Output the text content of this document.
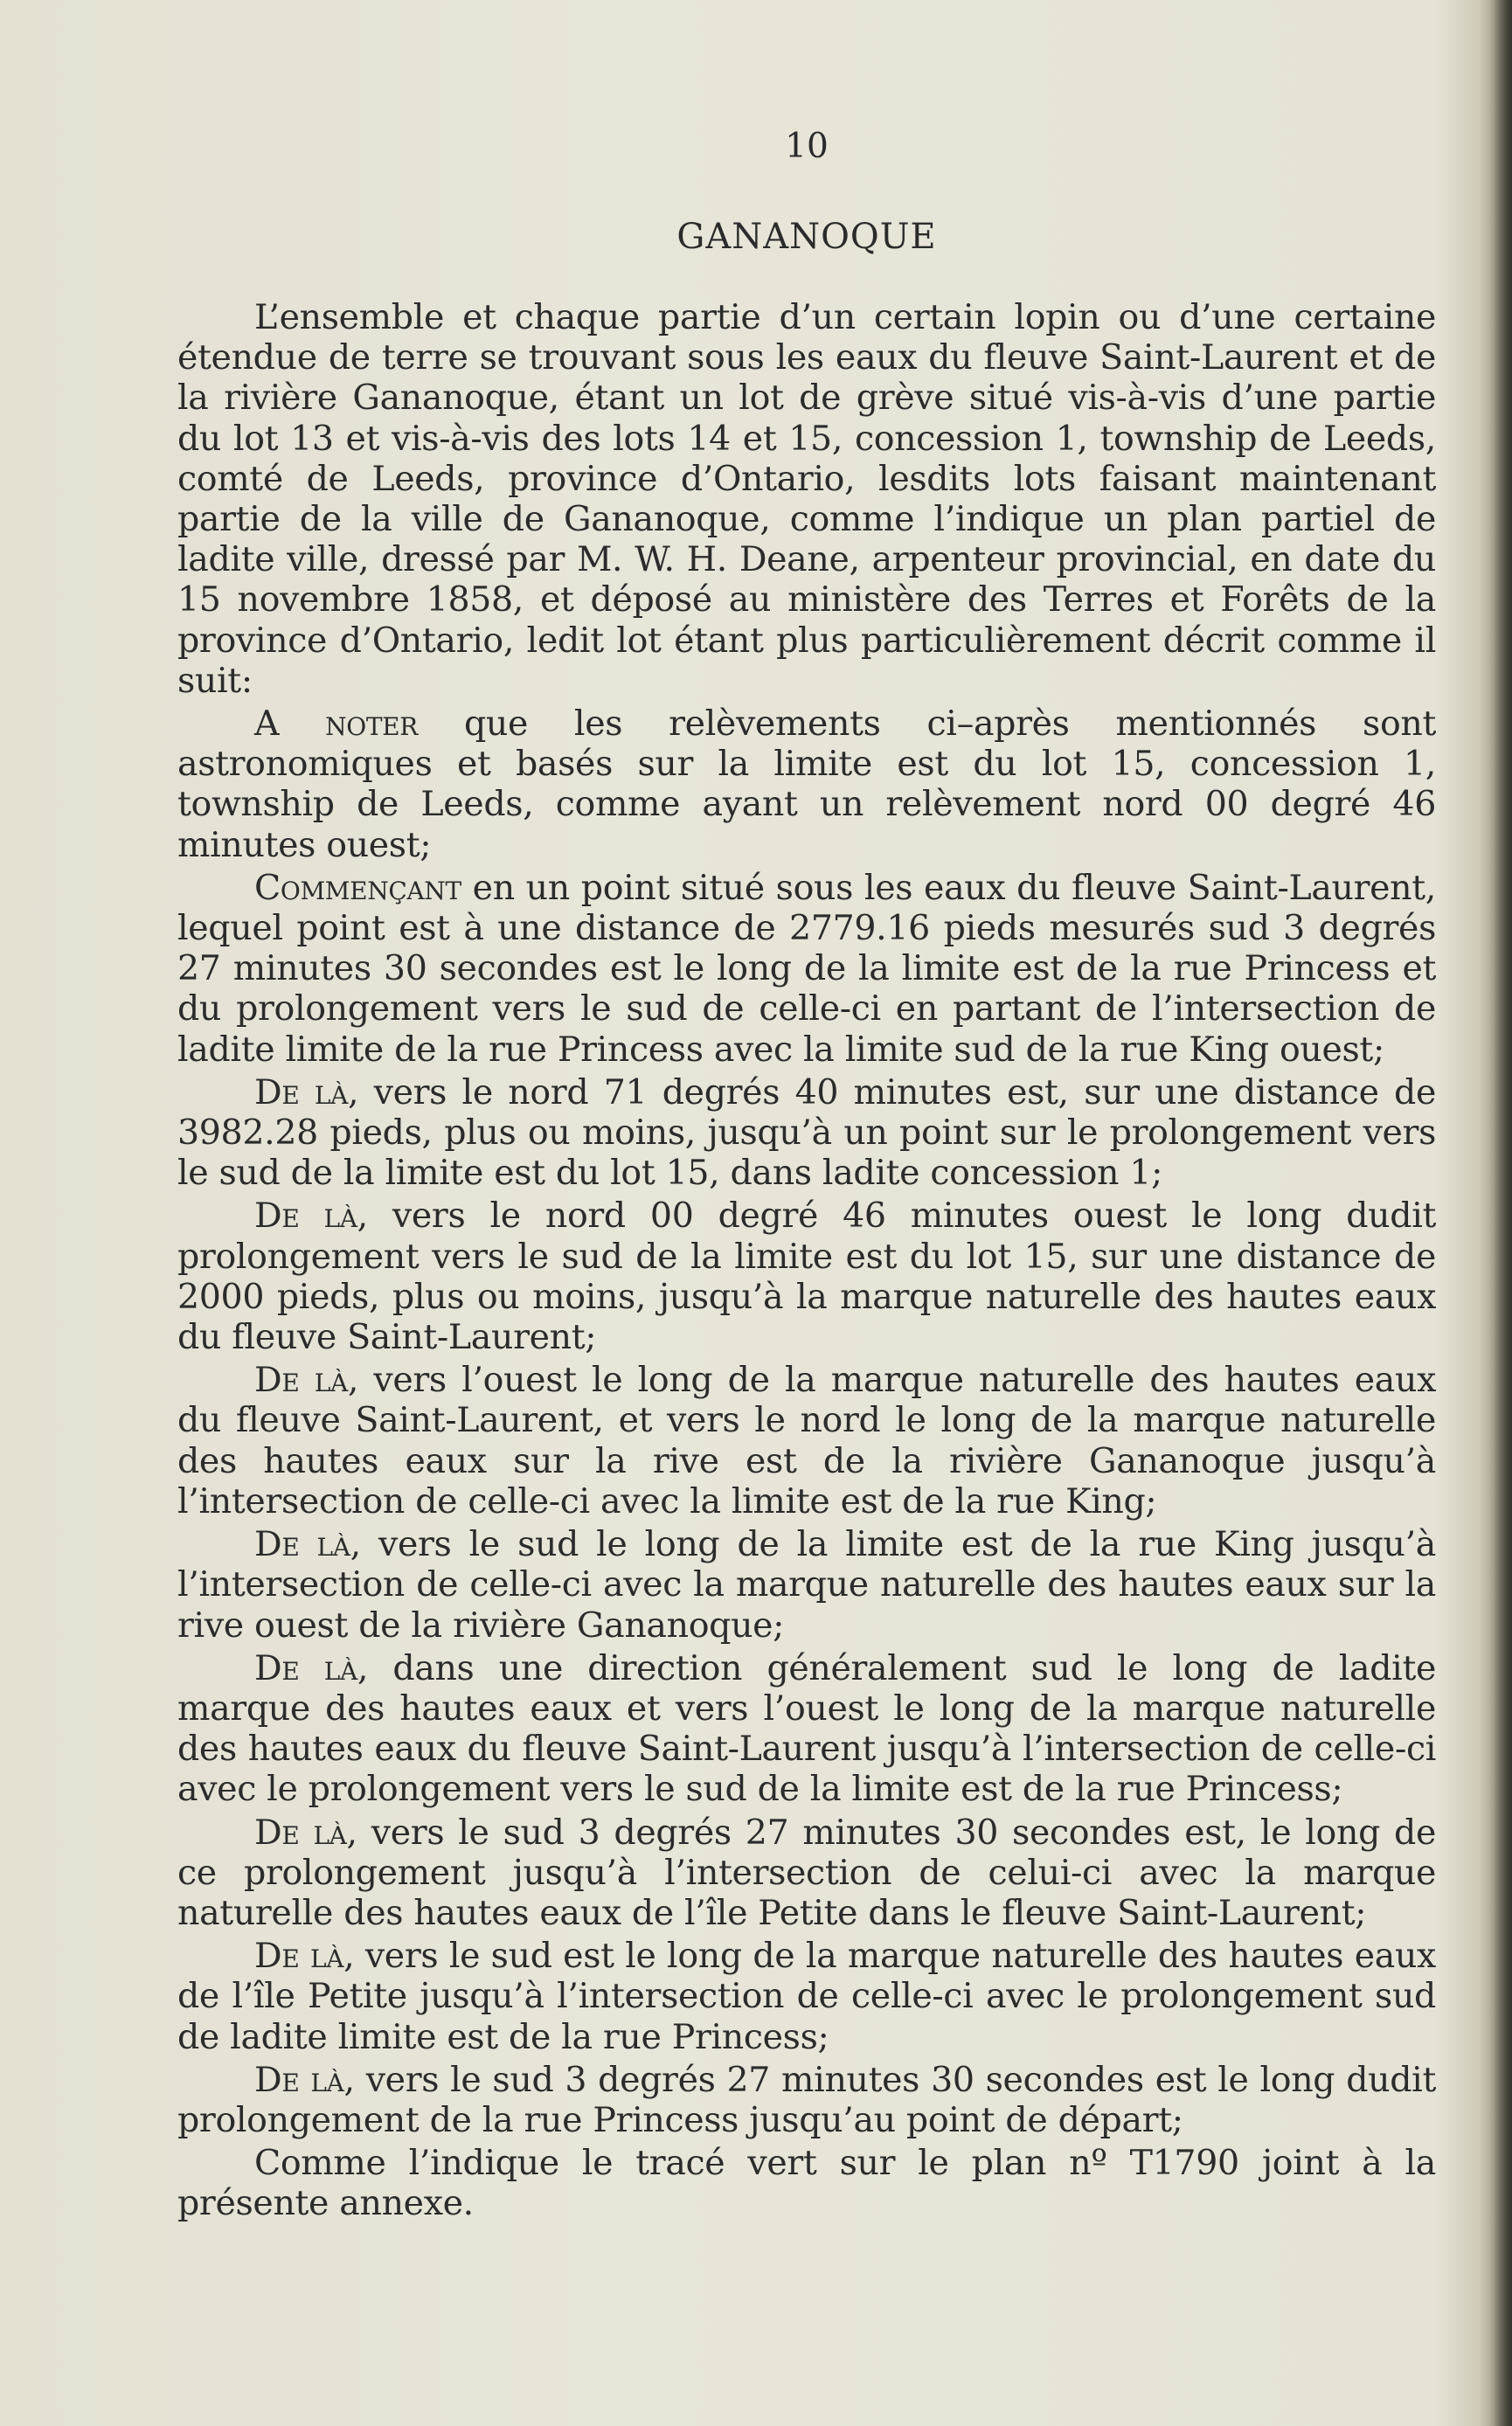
10
GANANOQUE

L’ensemble et chaque partie d’un certain lopin ou d’une certaine étendue de terre se trouvant sous les eaux du fleuve Saint-Laurent et de la rivière Gananoque, étant un lot de grève situé vis-à-vis d’une partie du lot 13 et vis-à-vis des lots 14 et 15, concession 1, township de Leeds, comté de Leeds, province d’Ontario, lesdits lots faisant maintenant partie de la ville de Gananoque, comme l’indique un plan partiel de ladite ville, dressé par M. W. H. Deane, arpenteur provincial, en date du 15 novembre 1858, et déposé au ministère des Terres et Forêts de la province d’Ontario, ledit lot étant plus particulièrement décrit comme il suit:

A noter que les relèvements ci–après mentionnés sont astronomiques et basés sur la limite est du lot 15, concession 1, township de Leeds, comme ayant un relèvement nord 00 degré 46 minutes ouest;

Commençant en un point situé sous les eaux du fleuve Saint-Laurent, lequel point est à une distance de 2779.16 pieds mesurés sud 3 degrés 27 minutes 30 secondes est le long de la limite est de la rue Princess et du prolongement vers le sud de celle-ci en partant de l’intersection de ladite limite de la rue Princess avec la limite sud de la rue King ouest;

De là, vers le nord 71 degrés 40 minutes est, sur une distance de 3982.28 pieds, plus ou moins, jusqu’à un point sur le prolongement vers le sud de la limite est du lot 15, dans ladite concession 1;

De là, vers le nord 00 degré 46 minutes ouest le long dudit prolongement vers le sud de la limite est du lot 15, sur une distance de 2000 pieds, plus ou moins, jusqu’à la marque naturelle des hautes eaux du fleuve Saint-Laurent;

De là, vers l’ouest le long de la marque naturelle des hautes eaux du fleuve Saint-Laurent, et vers le nord le long de la marque naturelle des hautes eaux sur la rive est de la rivière Gananoque jusqu’à l’intersection de celle-ci avec la limite est de la rue King;

De là, vers le sud le long de la limite est de la rue King jusqu’à l’intersection de celle-ci avec la marque naturelle des hautes eaux sur la rive ouest de la rivière Gananoque;

De là, dans une direction généralement sud le long de ladite marque des hautes eaux et vers l’ouest le long de la marque naturelle des hautes eaux du fleuve Saint-Laurent jusqu’à l’intersection de celle-ci avec le prolongement vers le sud de la limite est de la rue Princess;

De là, vers le sud 3 degrés 27 minutes 30 secondes est, le long de ce prolongement jusqu’à l’intersection de celui-ci avec la marque naturelle des hautes eaux de l’île Petite dans le fleuve Saint-Laurent;

De là, vers le sud est le long de la marque naturelle des hautes eaux de l’île Petite jusqu’à l’intersection de celle-ci avec le prolongement sud de ladite limite est de la rue Princess;

De là, vers le sud 3 degrés 27 minutes 30 secondes est le long dudit prolongement de la rue Princess jusqu’au point de départ;

Comme l’indique le tracé vert sur le plan nº T1790 joint à la présente annexe.
